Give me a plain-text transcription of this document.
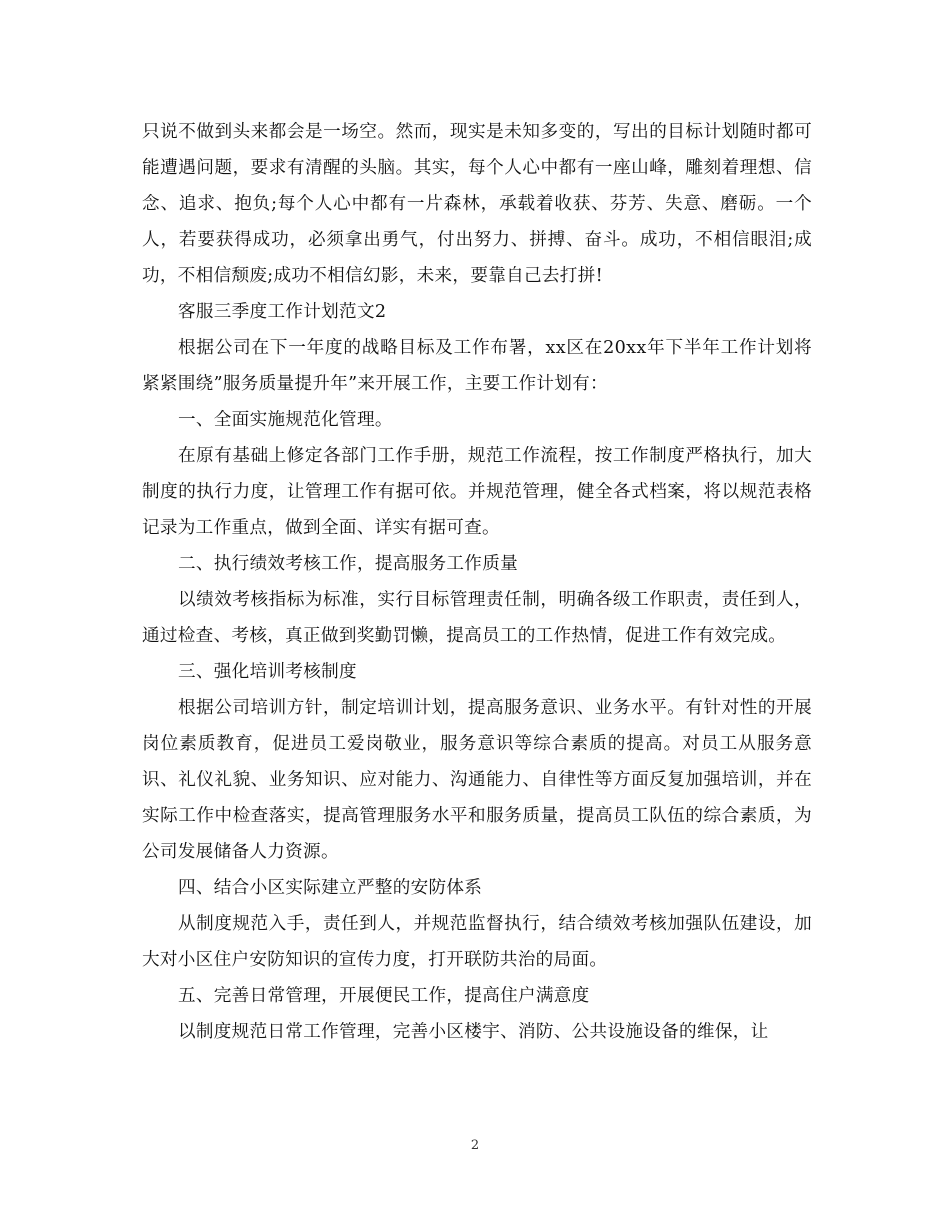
只说不做到头来都会是一场空。然而，现实是未知多变的，写出的目标计划随时都可能遭遇问题，要求有清醒的头脑。其实，每个人心中都有一座山峰，雕刻着理想、信念、追求、抱负;每个人心中都有一片森林，承载着收获、芬芳、失意、磨砺。一个人，若要获得成功，必须拿出勇气，付出努力、拼搏、奋斗。成功，不相信眼泪;成功，不相信颓废;成功不相信幻影，未来，要靠自己去打拼!

客服三季度工作计划范文2

根据公司在下一年度的战略目标及工作布署，xx区在20xx年下半年工作计划将紧紧围绕”服务质量提升年”来开展工作，主要工作计划有：

一、全面实施规范化管理。

在原有基础上修定各部门工作手册，规范工作流程，按工作制度严格执行，加大制度的执行力度，让管理工作有据可依。并规范管理，健全各式档案，将以规范表格记录为工作重点，做到全面、详实有据可查。

二、执行绩效考核工作，提高服务工作质量

以绩效考核指标为标准，实行目标管理责任制，明确各级工作职责，责任到人，通过检查、考核，真正做到奖勤罚懒，提高员工的工作热情，促进工作有效完成。

三、强化培训考核制度

根据公司培训方针，制定培训计划，提高服务意识、业务水平。有针对性的开展岗位素质教育，促进员工爱岗敬业，服务意识等综合素质的提高。对员工从服务意识、礼仪礼貌、业务知识、应对能力、沟通能力、自律性等方面反复加强培训，并在实际工作中检查落实，提高管理服务水平和服务质量，提高员工队伍的综合素质，为公司发展储备人力资源。

四、结合小区实际建立严整的安防体系

从制度规范入手，责任到人，并规范监督执行，结合绩效考核加强队伍建设，加大对小区住户安防知识的宣传力度，打开联防共治的局面。

五、完善日常管理，开展便民工作，提高住户满意度

以制度规范日常工作管理，完善小区楼宇、消防、公共设施设备的维保，让

2
